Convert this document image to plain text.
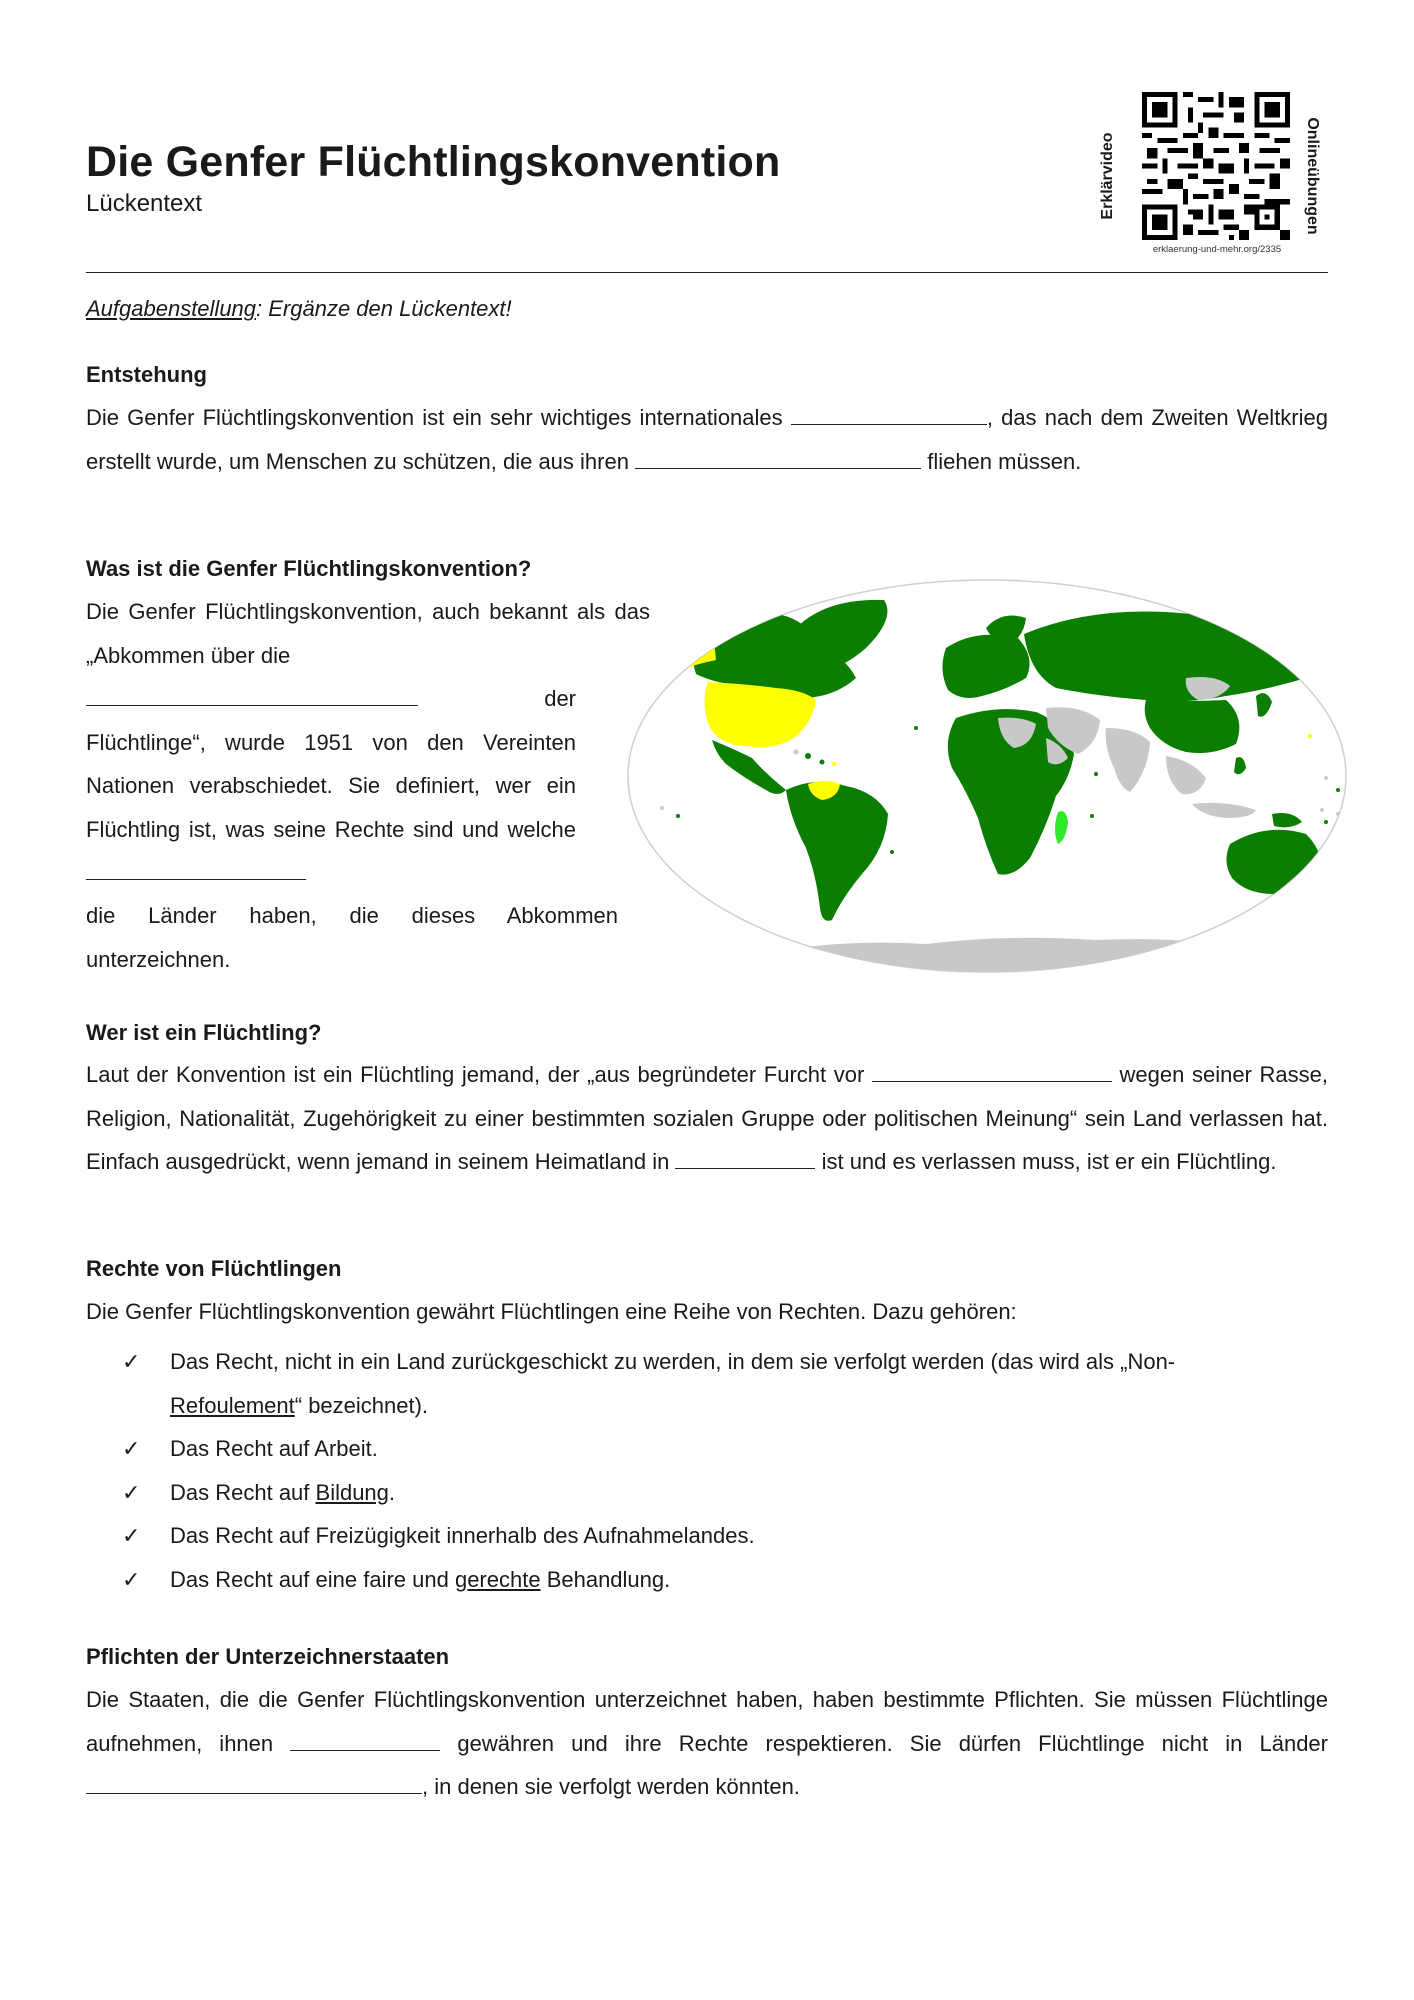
Die Genfer Flüchtlingskonvention
Lückentext	Erklärvideo
erklaerung-und-mehr.org/2335
Onlineübungen
Aufgabenstellung: Ergänze den Lückentext!
Entstehung
Die Genfer Flüchtlingskonvention ist ein sehr wichtiges internationales	, das nach dem Zweiten Weltkrieg erstellt wurde, um Menschen zu schützen, die aus ihren	fliehen müssen.
Was ist die Genfer Flüchtlingskonvention?
Die Genfer Flüchtlingskonvention, auch bekannt als das „Abkommen über die
der Flüchtlinge“, wurde 1951 von den Vereinten Nationen verabschiedet. Sie definiert, wer ein Flüchtling ist, was seine Rechte sind und welche
die Länder haben, die dieses Abkommen unterzeichnen.
Wer ist ein Flüchtling?
Laut der Konvention ist ein Flüchtling jemand, der „aus begründeter Furcht vor	wegen seiner Rasse, Religion, Nationalität, Zugehörigkeit zu einer bestimmten sozialen Gruppe oder politischen Meinung“ sein Land verlassen hat. Einfach ausgedrückt, wenn jemand in seinem Heimatland in	ist und es verlassen muss, ist er ein Flüchtling.
Rechte von Flüchtlingen
Die Genfer Flüchtlingskonvention gewährt Flüchtlingen eine Reihe von Rechten. Dazu gehören:
✓ Das Recht, nicht in ein Land zurückgeschickt zu werden, in dem sie verfolgt werden (das wird als „Non-
Refoulement“ bezeichnet).
✓ Das Recht auf Arbeit.
✓ Das Recht auf Bildung.
✓ Das Recht auf Freizügigkeit innerhalb des Aufnahmelandes.
✓ Das Recht auf eine faire und gerechte Behandlung.
Pflichten der Unterzeichnerstaaten
Die Staaten, die die Genfer Flüchtlingskonvention unterzeichnet haben, haben bestimmte Pflichten. Sie müssen Flüchtlinge aufnehmen, ihnen	gewähren und ihre Rechte respektieren. Sie dürfen Flüchtlinge nicht in Länder , in denen sie verfolgt werden könnten.
